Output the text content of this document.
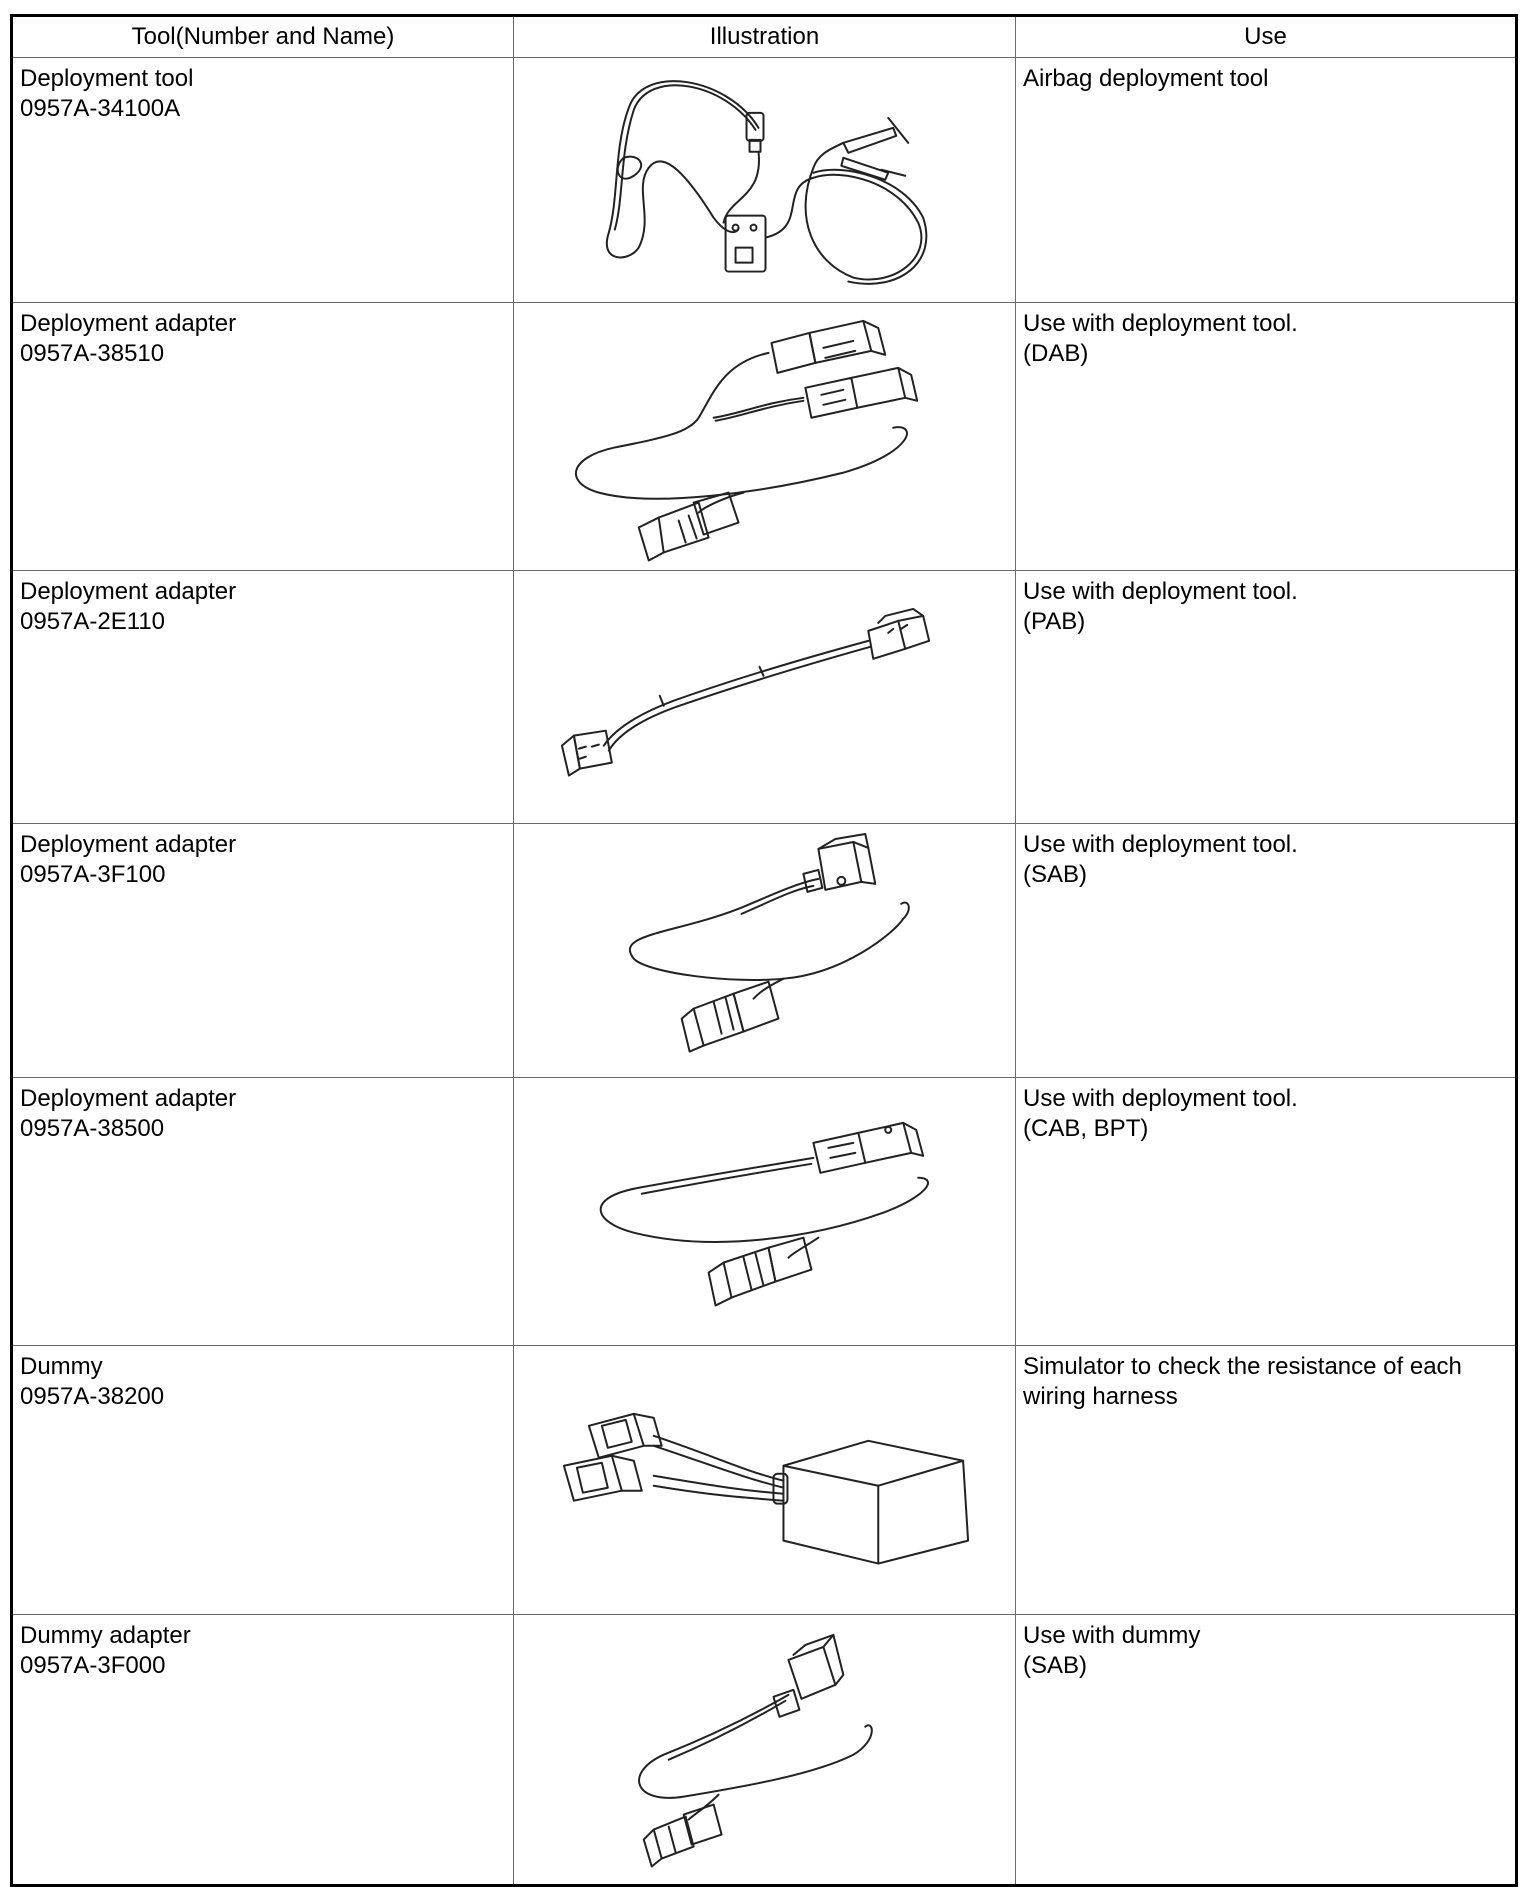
Tool(Number and Name)	Illustration	Use

Deployment tool
0957A-34100A		Airbag deployment tool

Deployment adapter
0957A-38510		Use with deployment tool.
(DAB)

Deployment adapter
0957A-2E110		Use with deployment tool.
(PAB)

Deployment adapter
0957A-3F100		Use with deployment tool.
(SAB)

Deployment adapter
0957A-38500		Use with deployment tool.
(CAB, BPT)

Dummy
0957A-38200		Simulator to check the resistance of each
wiring harness

Dummy adapter
0957A-3F000		Use with dummy
(SAB)
